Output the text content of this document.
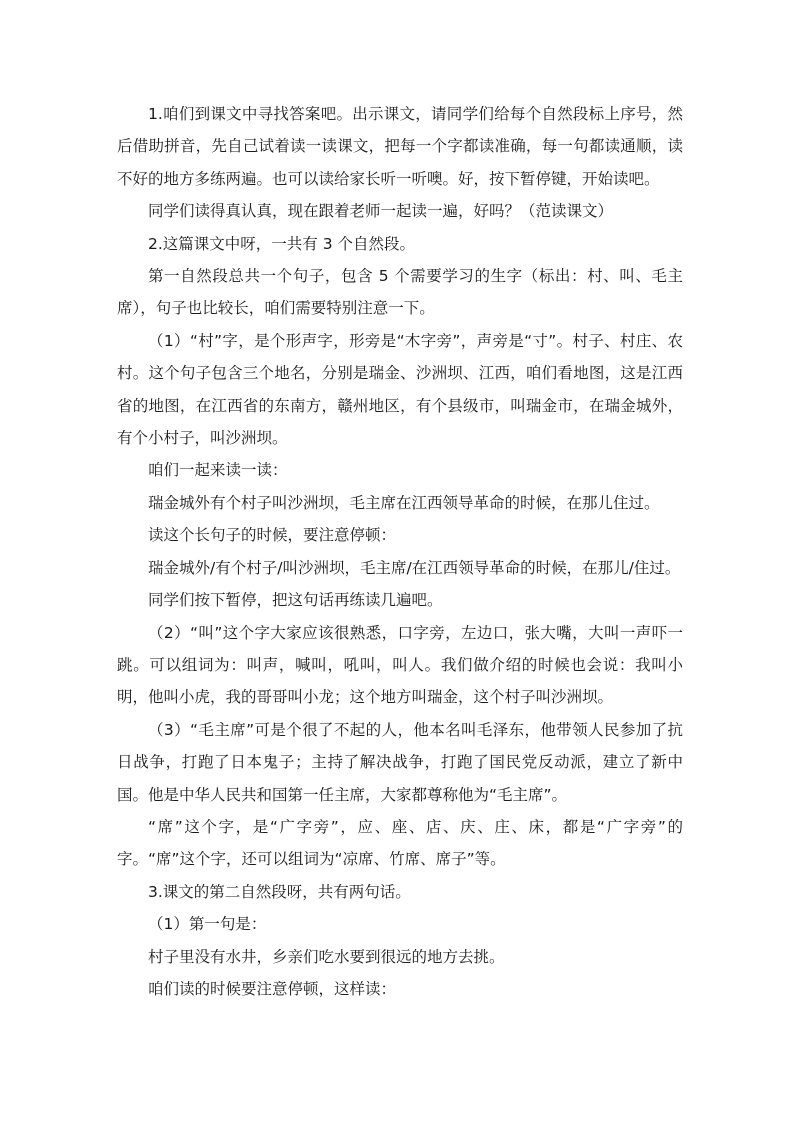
1.咱们到课文中寻找答案吧。出示课文，请同学们给每个自然段标上序号，然后借助拼音，先自己试着读一读课文，把每一个字都读准确，每一句都读通顺，读不好的地方多练两遍。也可以读给家长听一听噢。好，按下暂停键，开始读吧。

同学们读得真认真，现在跟着老师一起读一遍，好吗？（范读课文）

2.这篇课文中呀，一共有 3 个自然段。

第一自然段总共一个句子，包含 5 个需要学习的生字（标出：村、叫、毛主席），句子也比较长，咱们需要特别注意一下。

（1）“村”字，是个形声字，形旁是“木字旁”，声旁是“寸”。村子、村庄、农村。这个句子包含三个地名，分别是瑞金、沙洲坝、江西，咱们看地图，这是江西省的地图，在江西省的东南方，赣州地区，有个县级市，叫瑞金市，在瑞金城外，有个小村子，叫沙洲坝。

咱们一起来读一读：

瑞金城外有个村子叫沙洲坝，毛主席在江西领导革命的时候，在那儿住过。

读这个长句子的时候，要注意停顿：

瑞金城外/有个村子/叫沙洲坝，毛主席/在江西领导革命的时候，在那儿/住过。

同学们按下暂停，把这句话再练读几遍吧。

（2）“叫”这个字大家应该很熟悉，口字旁，左边口，张大嘴，大叫一声吓一跳。可以组词为：叫声，喊叫，吼叫，叫人。我们做介绍的时候也会说：我叫小明，他叫小虎，我的哥哥叫小龙；这个地方叫瑞金，这个村子叫沙洲坝。

（3）“毛主席”可是个很了不起的人，他本名叫毛泽东，他带领人民参加了抗日战争，打跑了日本鬼子；主持了解决战争，打跑了国民党反动派，建立了新中国。他是中华人民共和国第一任主席，大家都尊称他为“毛主席”。

“席”这个字，是“广字旁”，应、座、店、庆、庄、床，都是“广字旁”的字。“席”这个字，还可以组词为“凉席、竹席、席子”等。

3.课文的第二自然段呀，共有两句话。

（1）第一句是：

村子里没有水井，乡亲们吃水要到很远的地方去挑。

咱们读的时候要注意停顿，这样读：
